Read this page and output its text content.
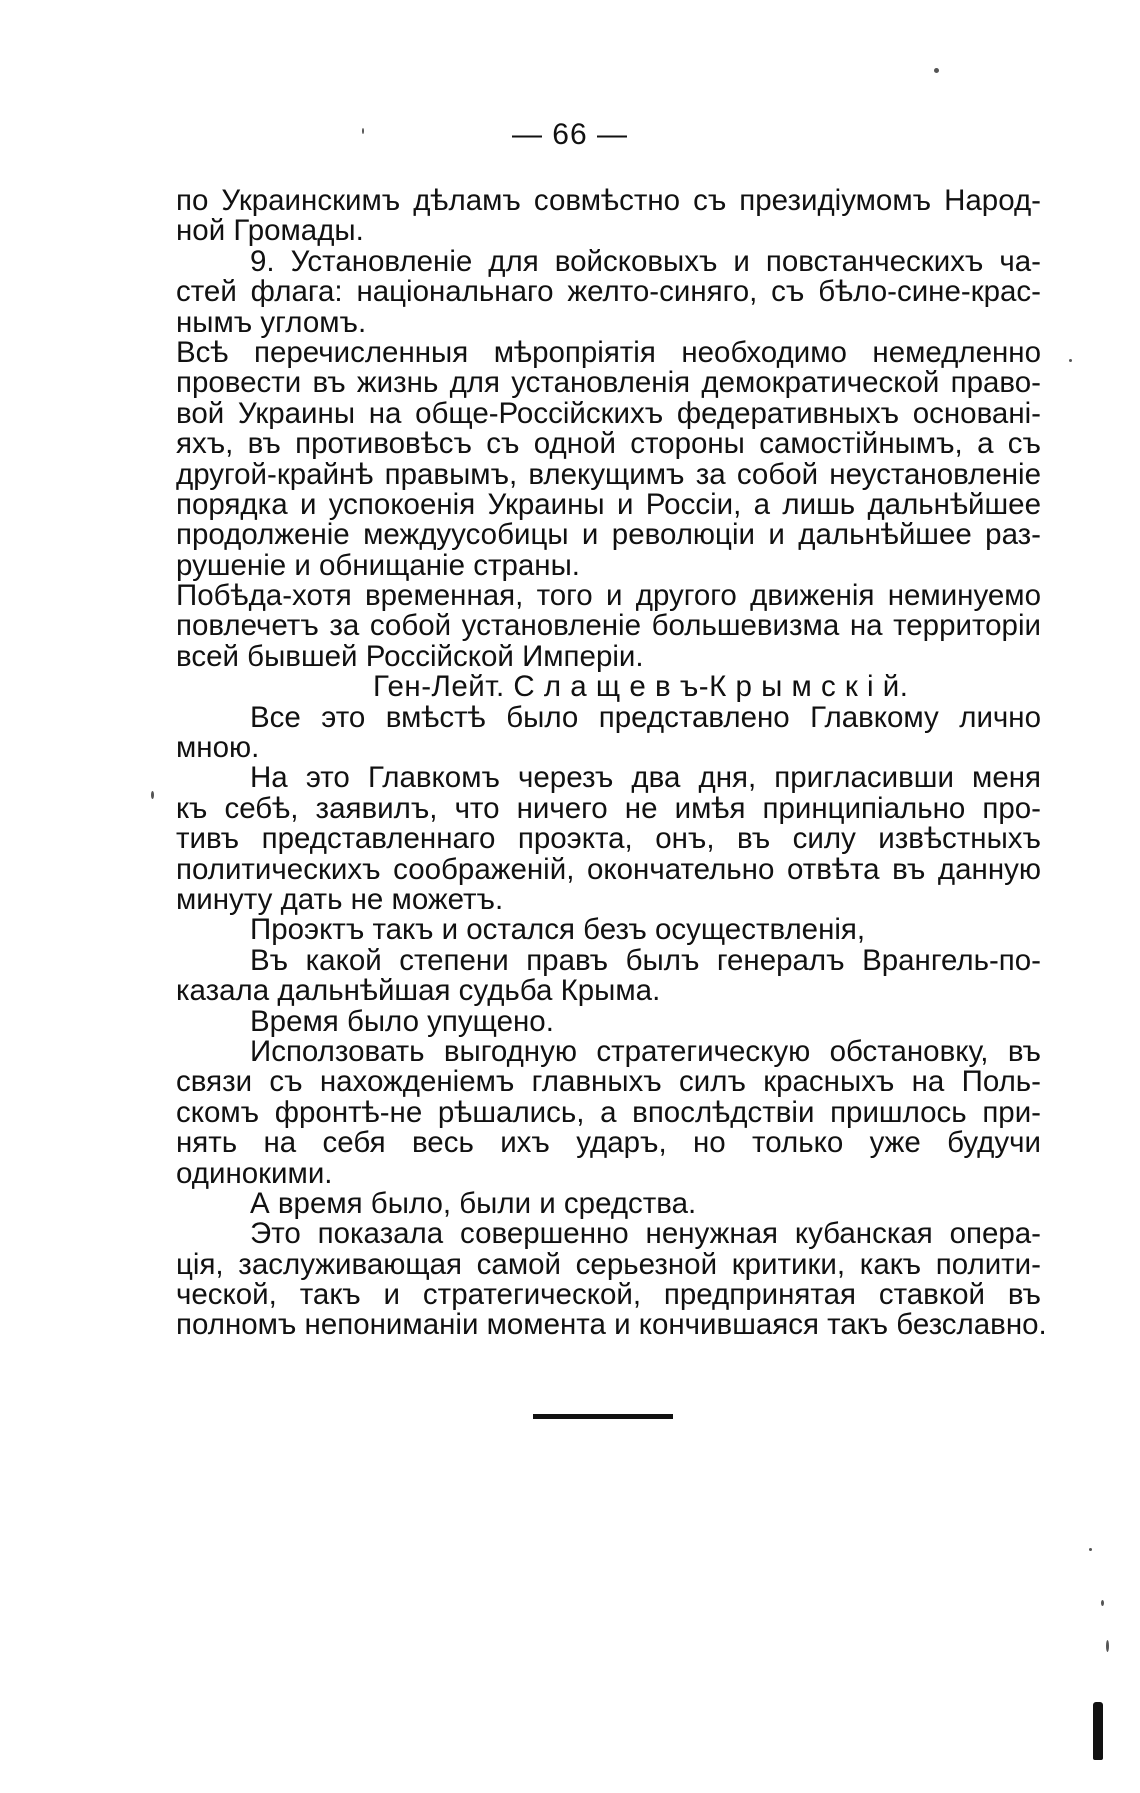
— 66 —
по Украинскимъ дѣламъ совмѣстно съ президiумомъ Народ-
ной Громады.
9. Установленiе для войсковыхъ и повстанческихъ ча-
стей флага: нацiональнаго желто-синяго, съ бѣло-сине-крас-
нымъ угломъ.
Всѣ перечисленныя мѣропрiятiя необходимо немедленно
провести въ жизнь для установленiя демократической право-
вой Украины на обще-Россiйскихъ федеративныхъ основанi-
яхъ, въ противовѣсъ съ одной стороны самостiйнымъ, а съ
другой-крайнѣ правымъ, влекущимъ за собой неустановленiе
порядка и успокоенiя Украины и Россiи, а лишь дальнѣйшее
продолженiе междуусобицы и революцiи и дальнѣйшее раз-
рушенiе и обнищанiе страны.
Побѣда-хотя временная, того и другого движенiя неминуемо
повлечетъ за собой установленiе большевизма на территорiи
всей бывшей Россiйской Имперiи.
Ген-Лейт. С л а щ е в ъ-К р ы м с к i й.
Все это вмѣстѣ было представлено Главкому лично
мною.
На это Главкомъ черезъ два дня, пригласивши меня
къ себѣ, заявилъ, что ничего не имѣя принципiально про-
тивъ представленнаго проэкта, онъ, въ силу извѣстныхъ
политическихъ соображенiй, окончательно отвѣта въ данную
минуту дать не можетъ.
Проэктъ такъ и остался безъ осуществленiя,
Въ какой степени правъ былъ генералъ Врангель-по-
казала дальнѣйшая судьба Крыма.
Время было упущено.
Исползовать выгодную стратегическую обстановку, въ
связи съ нахожденiемъ главныхъ силъ красныхъ на Поль-
скомъ фронтѣ-не рѣшались, а впослѣдствiи пришлось при-
нять на себя весь ихъ ударъ, но только уже будучи
одинокими.
А время было, были и средства.
Это показала совершенно ненужная кубанская опера-
цiя, заслуживающая самой серьезной критики, какъ полити-
ческой, такъ и стратегической, предпринятая ставкой въ
полномъ непониманiи момента и кончившаяся такъ безславно.
